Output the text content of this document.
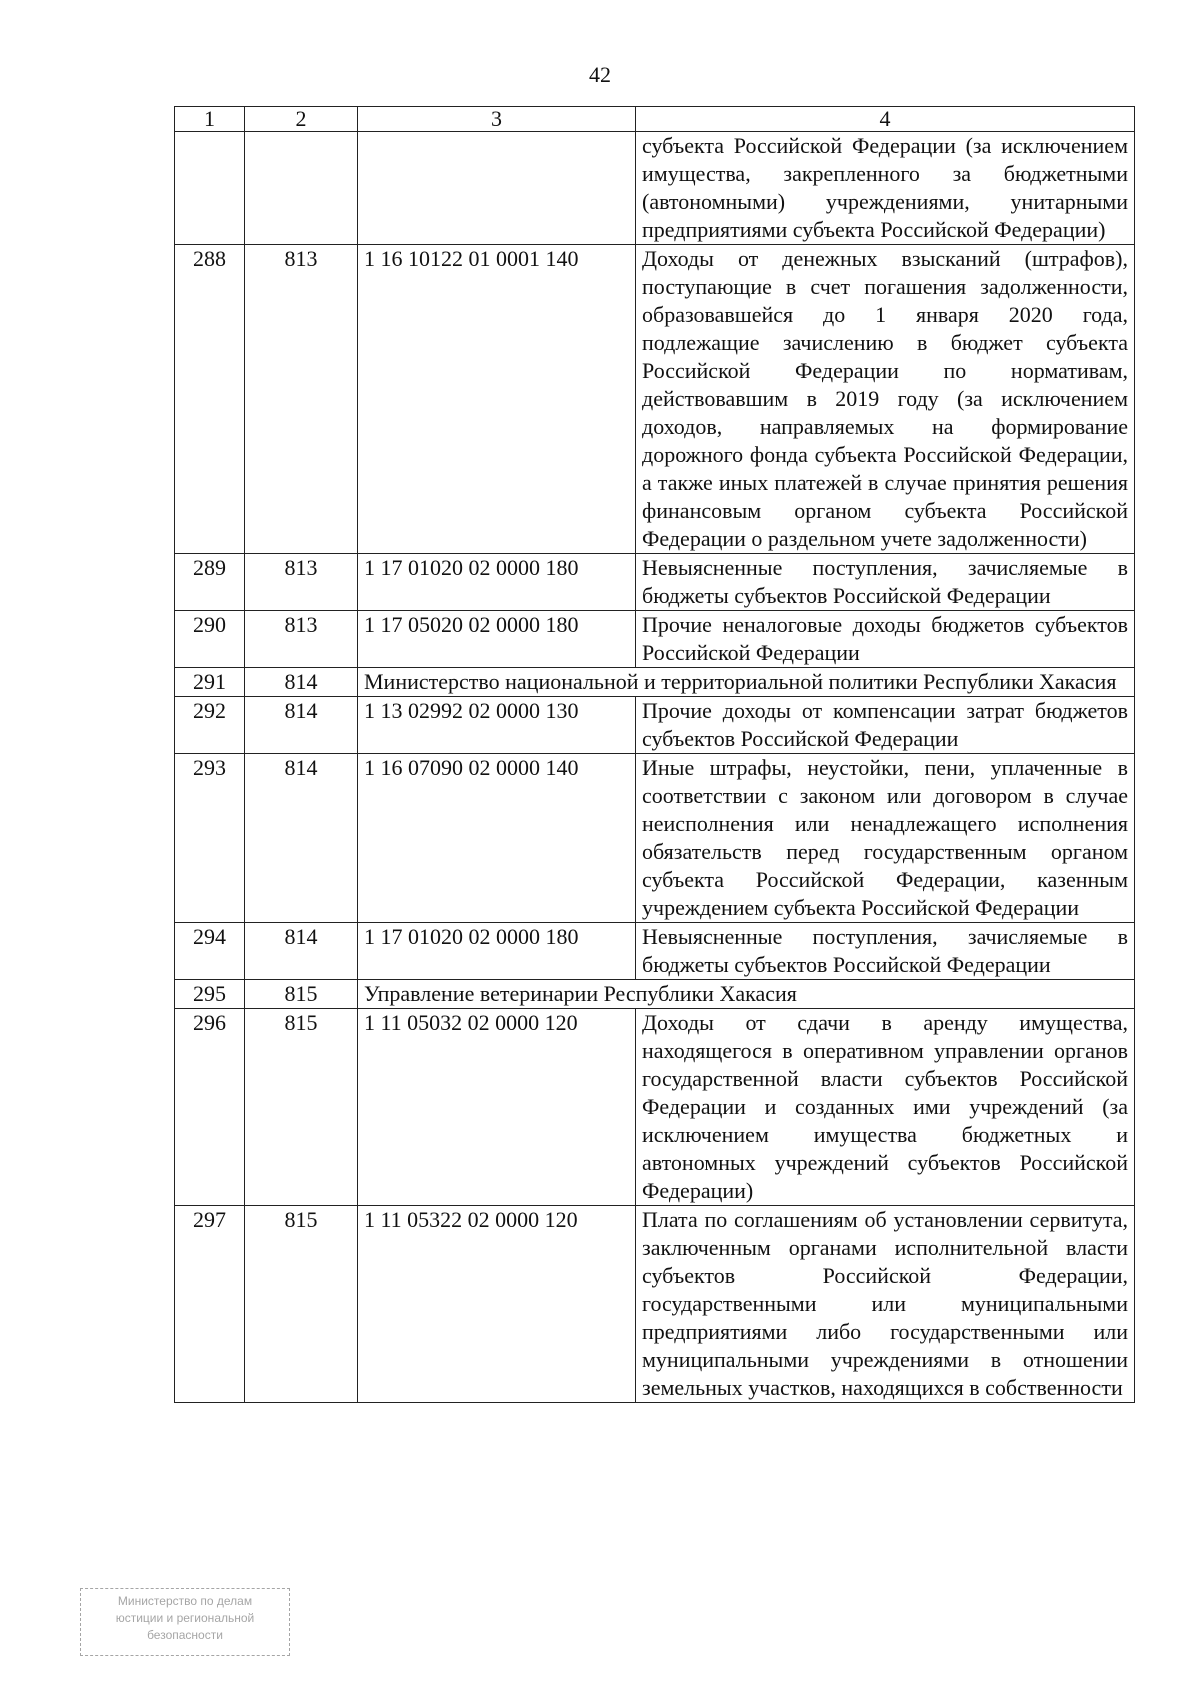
42
1	2	3	4
			субъекта Российской Федерации (за исключением имущества, закрепленного за бюджетными (автономными) учреждениями, унитарными предприятиями субъекта Российской Федерации)
288	813	1 16 10122 01 0001 140	Доходы от денежных взысканий (штрафов), поступающие в счет погашения задолженности, образовавшейся до 1 января 2020 года, подлежащие зачислению в бюджет субъекта Российской Федерации по нормативам, действовавшим в 2019 году (за исключением доходов, направляемых на формирование дорожного фонда субъекта Российской Федерации, а также иных платежей в случае принятия решения финансовым органом субъекта Российской Федерации о раздельном учете задолженности)
289	813	1 17 01020 02 0000 180	Невыясненные поступления, зачисляемые в бюджеты субъектов Российской Федерации
290	813	1 17 05020 02 0000 180	Прочие неналоговые доходы бюджетов субъектов Российской Федерации
291	814	Министерство национальной и территориальной политики Республики Хакасия	
292	814	1 13 02992 02 0000 130	Прочие доходы от компенсации затрат бюджетов субъектов Российской Федерации
293	814	1 16 07090 02 0000 140	Иные штрафы, неустойки, пени, уплаченные в соответствии с законом или договором в случае неисполнения или ненадлежащего исполнения обязательств перед государственным органом субъекта Российской Федерации, казенным учреждением субъекта Российской Федерации
294	814	1 17 01020 02 0000 180	Невыясненные поступления, зачисляемые в бюджеты субъектов Российской Федерации
295	815	Управление ветеринарии Республики Хакасия	
296	815	1 11 05032 02 0000 120	Доходы от сдачи в аренду имущества, находящегося в оперативном управлении органов государственной власти субъектов Российской Федерации и созданных ими учреждений (за исключением имущества бюджетных и автономных учреждений субъектов Российской Федерации)
297	815	1 11 05322 02 0000 120	Плата по соглашениям об установлении сервитута, заключенным органами исполнительной власти субъектов Российской Федерации, государственными или муниципальными предприятиями либо государственными или муниципальными учреждениями в отношении земельных участков, находящихся в собственности
Министерство по делам
юстиции и региональной
безопасности
